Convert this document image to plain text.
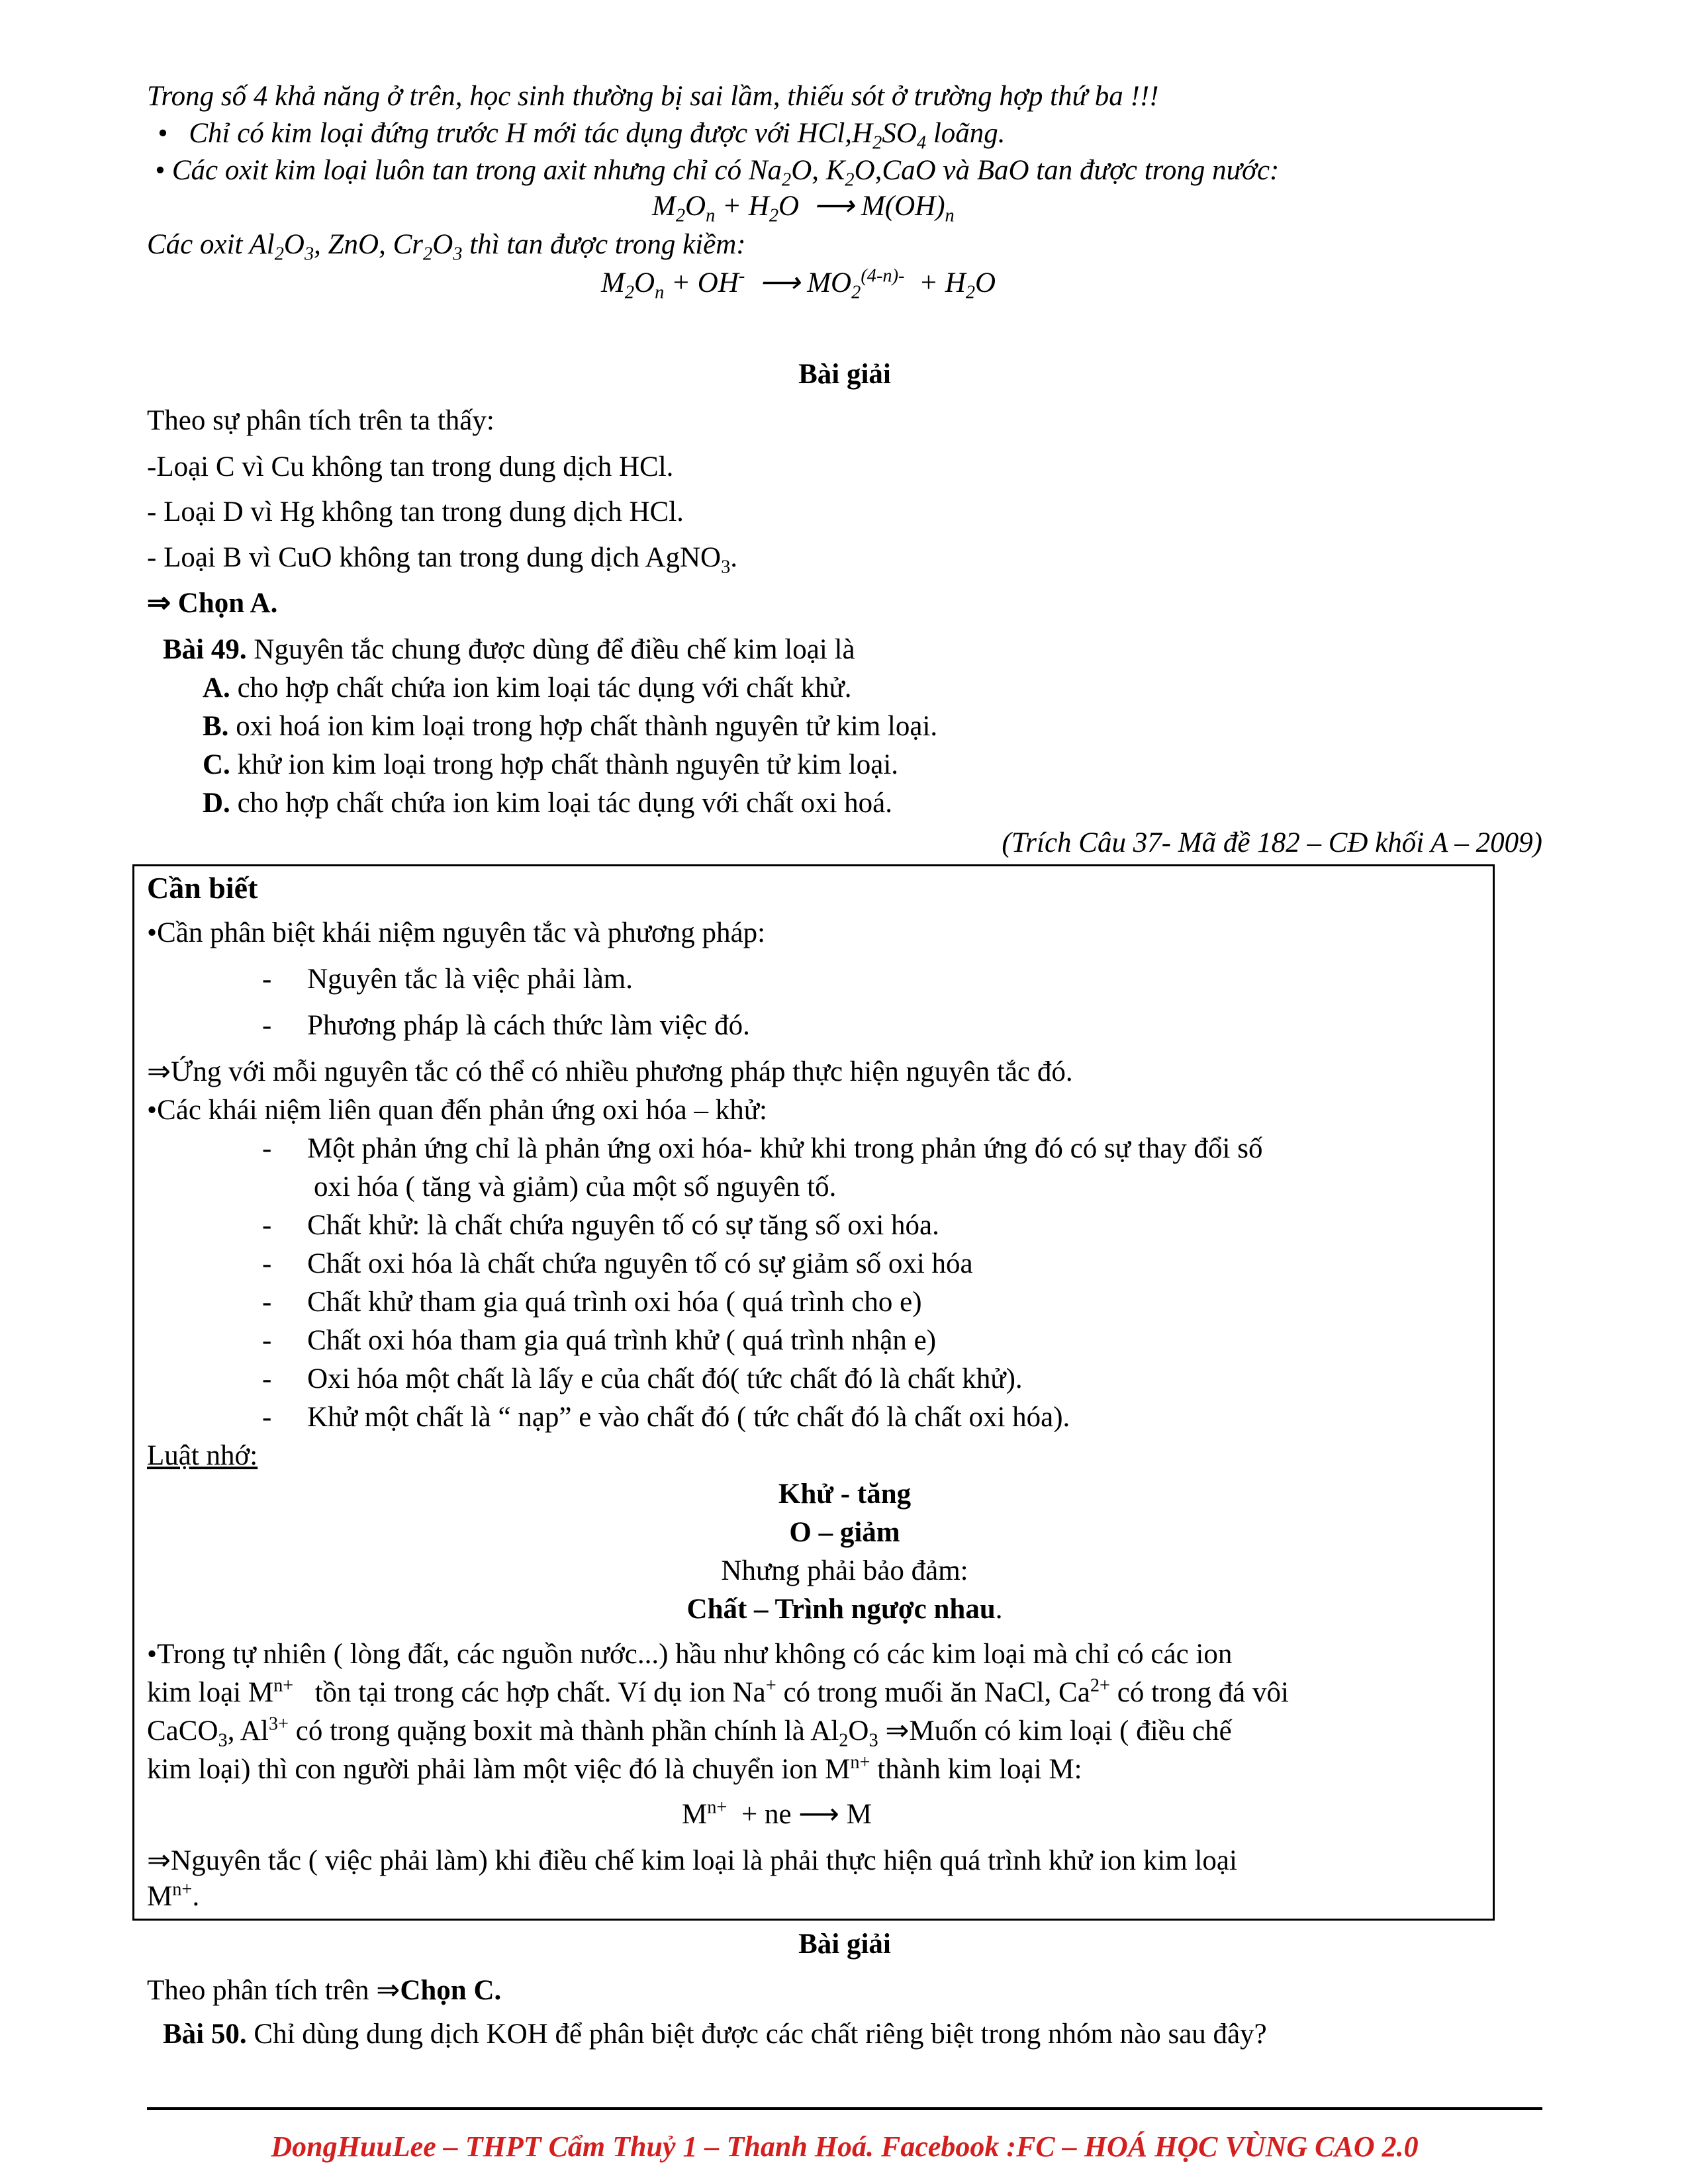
Trong số 4 khả năng ở trên, học sinh thường bị sai lầm, thiếu sót ở trường hợp thứ ba !!!
•   Chỉ có kim loại đứng trước H mới tác dụng được với $HCl,H_2SO_4$ loãng.
• Các oxit kim loại luôn tan trong axit nhưng chỉ có $Na_2O$, $K_2O,CaO$ và BaO tan được trong nước:
$M_2O_n + H_2O$  ⟶ $M(OH)_n$
Các oxit $Al_2O_3$, ZnO, $Cr_2O_3$ thì tan được trong kiềm:
$M_2O_n + OH^-$  ⟶ $MO_2^{(4-n)-} + H_2O$
Bài giải
Theo sự phân tích trên ta thấy:
-Loại C vì Cu không tan trong dung dịch HCl.
- Loại D vì Hg không tan trong dung dịch HCl.
- Loại B vì CuO không tan trong dung dịch AgNO$_3$.
⇒ Chọn A.
Bài 49. Nguyên tắc chung được dùng để điều chế kim loại là
A. cho hợp chất chứa ion kim loại tác dụng với chất khử.
B. oxi hoá ion kim loại trong hợp chất thành nguyên tử kim loại.
C. khử ion kim loại trong hợp chất thành nguyên tử kim loại.
D. cho hợp chất chứa ion kim loại tác dụng với chất oxi hoá.
(Trích Câu 37- Mã đề 182 – CĐ khối A – 2009)
Cần biết
•Cần phân biệt khái niệm nguyên tắc và phương pháp:
-     Nguyên tắc là việc phải làm.
-     Phương pháp là cách thức làm việc đó.
⇒Ứng với mỗi nguyên tắc có thể có nhiều phương pháp thực hiện nguyên tắc đó.
•Các khái niệm liên quan đến phản ứng oxi hóa – khử:
-     Một phản ứng chỉ là phản ứng oxi hóa- khử khi trong phản ứng đó có sự thay đổi số
oxi hóa ( tăng và giảm) của một số nguyên tố.
-     Chất khử: là chất chứa nguyên tố có sự tăng số oxi hóa.
-     Chất oxi hóa là chất chứa nguyên tố có sự giảm số oxi hóa
-     Chất khử tham gia quá trình oxi hóa ( quá trình cho e)
-     Chất oxi hóa tham gia quá trình khử ( quá trình nhận e)
-     Oxi hóa một chất là lấy e của chất đó( tức chất đó là chất khử).
-     Khử một chất là “ nạp” e vào chất đó ( tức chất đó là chất oxi hóa).
Luật nhớ:
Khử - tăng
O – giảm
Nhưng phải bảo đảm:
Chất – Trình ngược nhau.
•Trong tự nhiên ( lòng đất, các nguồn nước...) hầu như không có các kim loại mà chỉ có các ion
kim loại $M^{n+}$ tồn tại trong các hợp chất. Ví dụ ion Na+ có trong muối ăn NaCl, $Ca^{2+}$ có trong đá vôi
CaCO$_3$, $Al^{3+}$ có trong quặng boxit mà thành phần chính là $Al_2O_3$ ⇒Muốn có kim loại ( điều chế
kim loại) thì con người phải làm một việc đó là chuyển ion $M^{n+}$ thành kim loại M:
$M^{n+}$ + ne ⟶ M
⇒Nguyên tắc ( việc phải làm) khi điều chế kim loại là phải thực hiện quá trình khử ion kim loại
$M^{n+}$.
Bài giải
Theo phân tích trên ⇒Chọn C.
Bài 50. Chỉ dùng dung dịch KOH để phân biệt được các chất riêng biệt trong nhóm nào sau đây?
DongHuuLee – THPT Cẩm Thuỷ 1 – Thanh Hoá. Facebook :FC – HOÁ HỌC VÙNG CAO 2.0
